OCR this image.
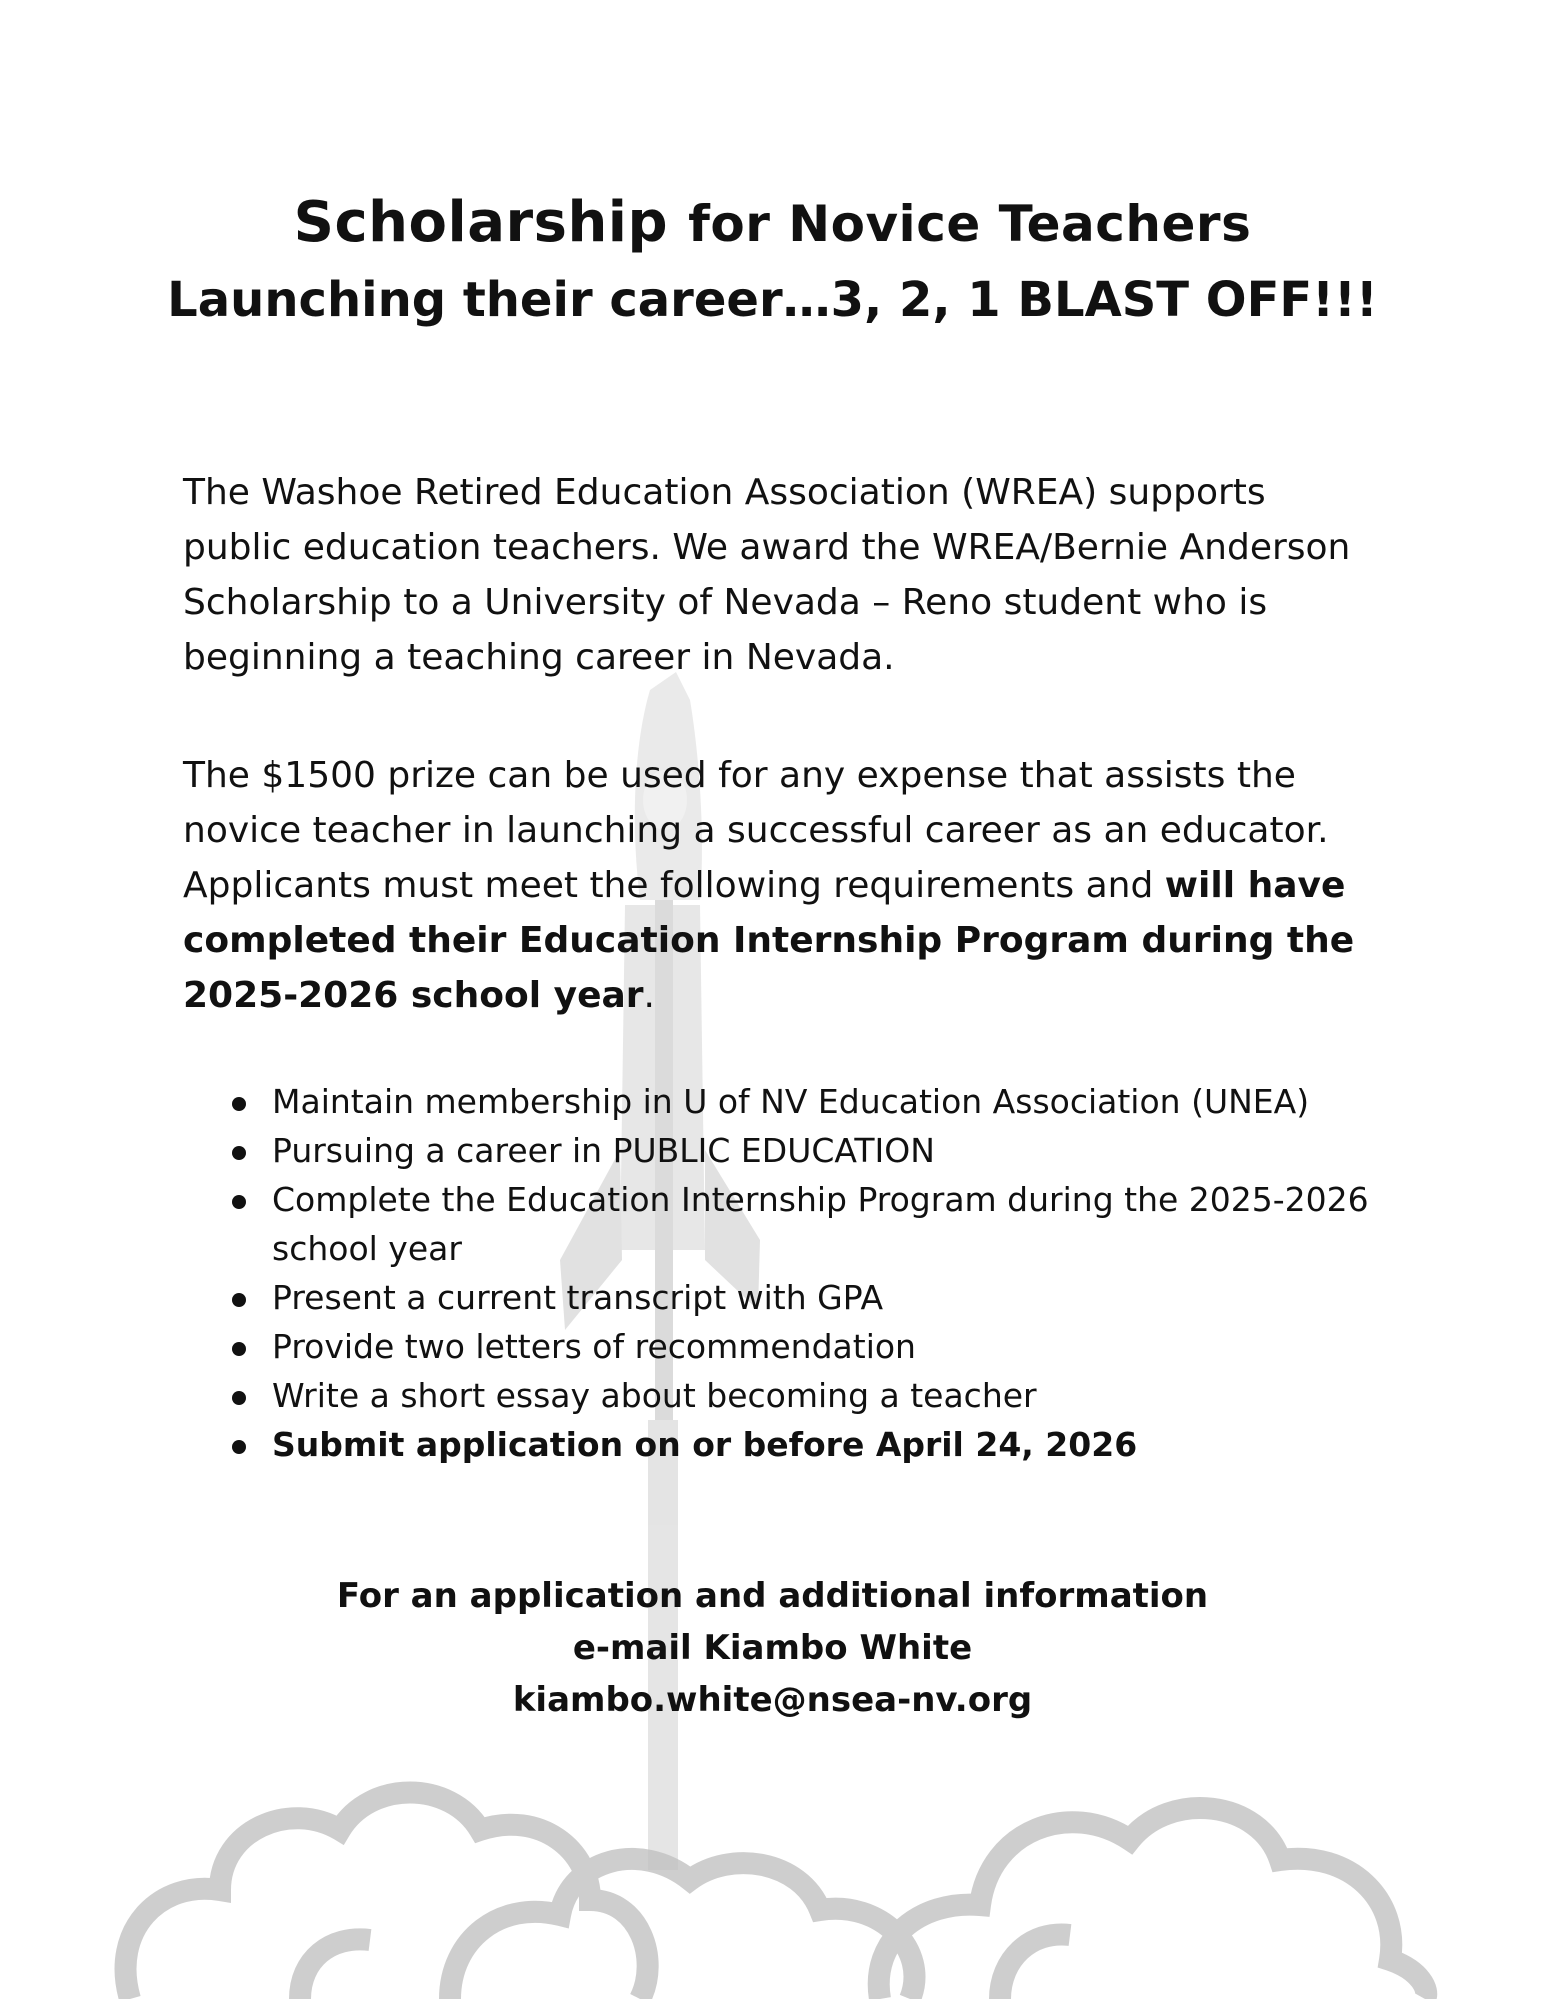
Scholarship for Novice Teachers
Launching their career…3, 2, 1 BLAST OFF!!!

The Washoe Retired Education Association (WREA) supports public education teachers. We award the WREA/Bernie Anderson Scholarship to a University of Nevada – Reno student who is beginning a teaching career in Nevada.

The $1500 prize can be used for any expense that assists the novice teacher in launching a successful career as an educator. Applicants must meet the following requirements and will have completed their Education Internship Program during the 2025-2026 school year.

Maintain membership in U of NV Education Association (UNEA)
Pursuing a career in PUBLIC EDUCATION
Complete the Education Internship Program during the 2025-2026 school year
Present a current transcript with GPA
Provide two letters of recommendation
Write a short essay about becoming a teacher
Submit application on or before April 24, 2026
For an application and additional information
e-mail Kiambo White
kiambo.white@nsea-nv.org
